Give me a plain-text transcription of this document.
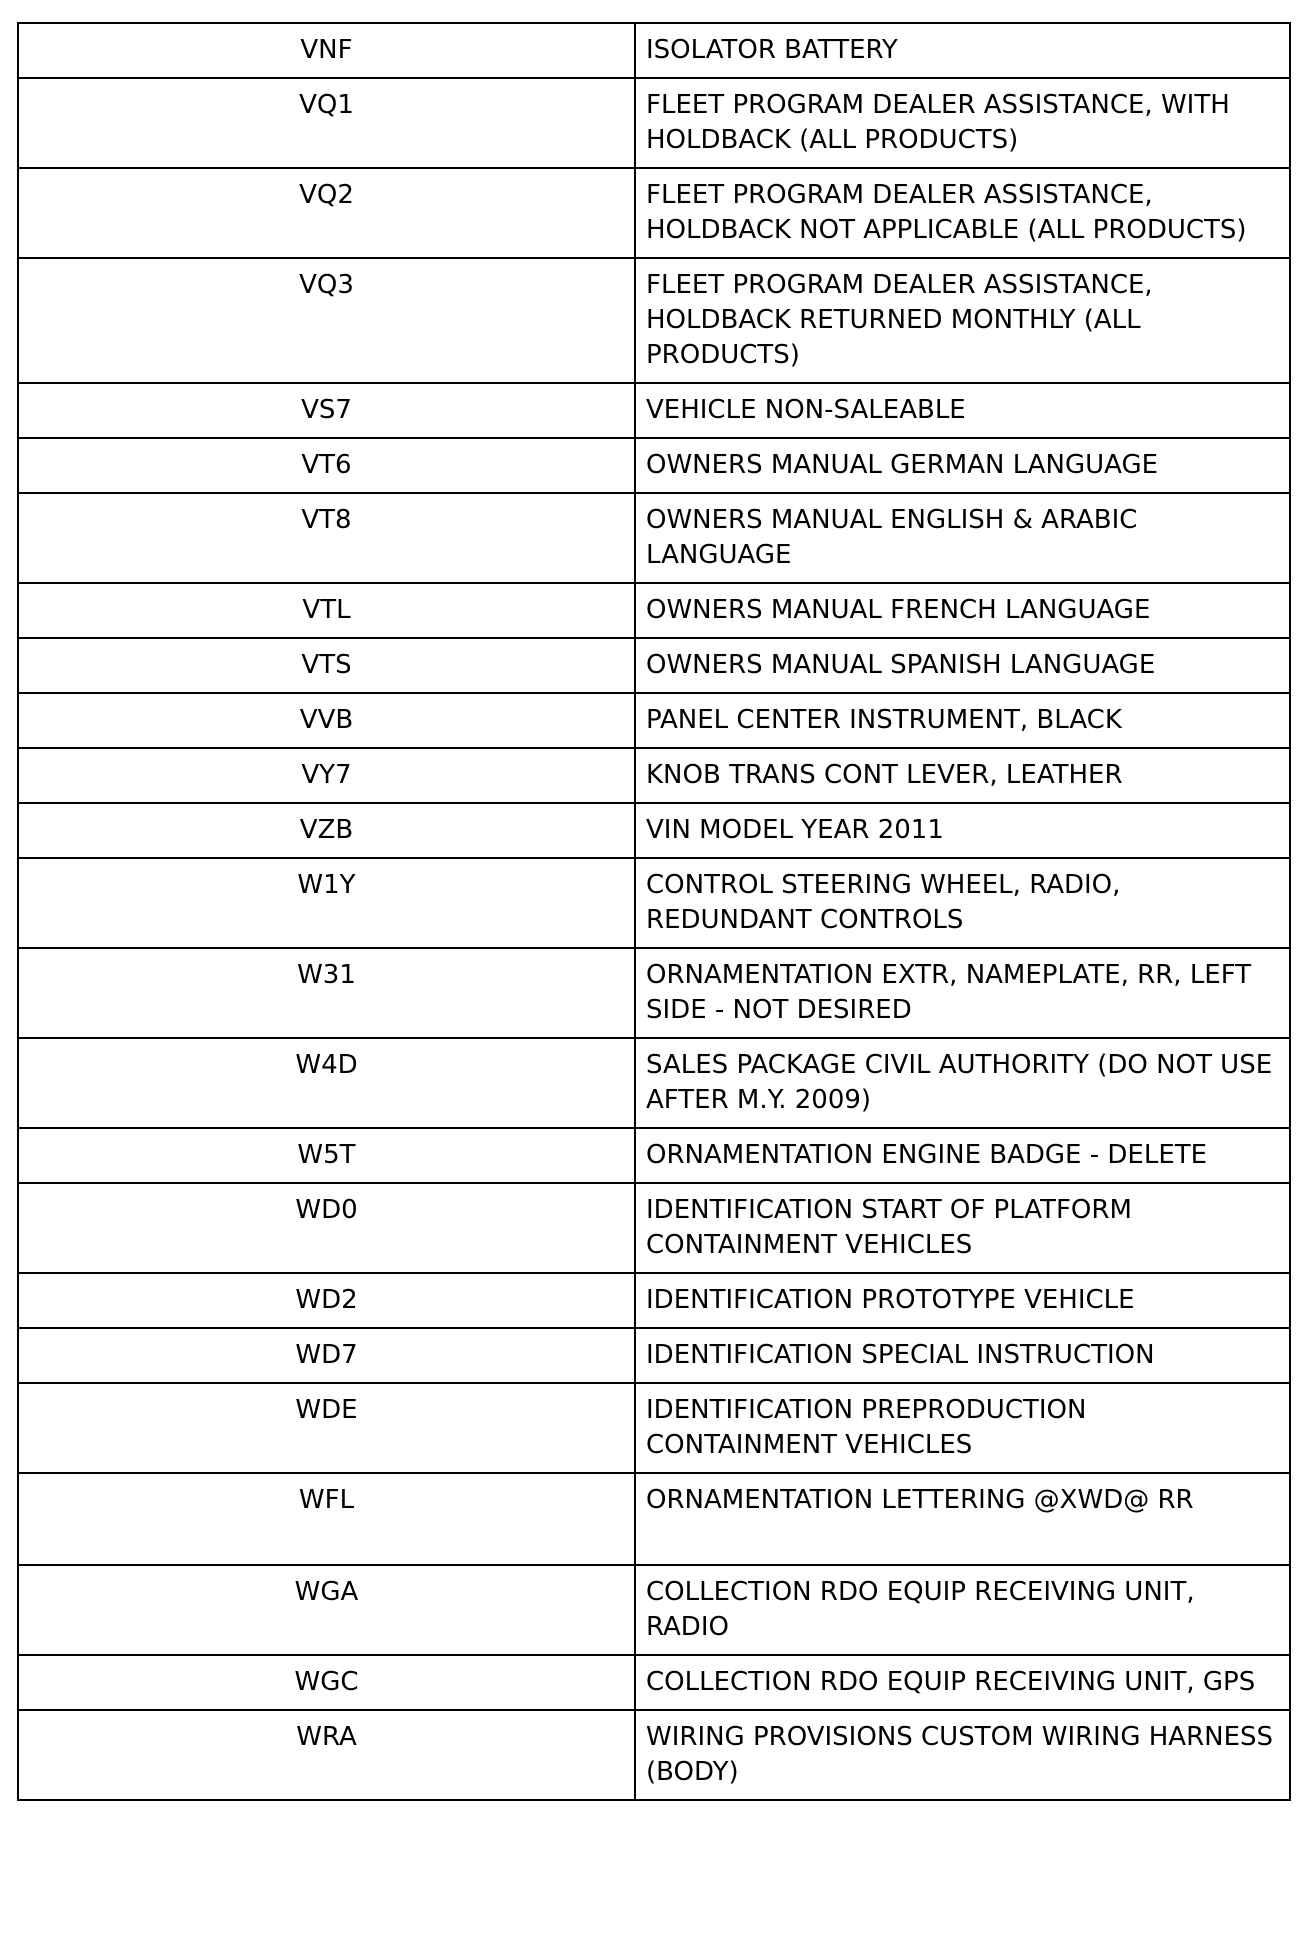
VNF	ISOLATOR BATTERY
VQ1	FLEET PROGRAM DEALER ASSISTANCE, WITH HOLDBACK (ALL PRODUCTS)
VQ2	FLEET PROGRAM DEALER ASSISTANCE, HOLDBACK NOT APPLICABLE (ALL PRODUCTS)
VQ3	FLEET PROGRAM DEALER ASSISTANCE, HOLDBACK RETURNED MONTHLY (ALL PRODUCTS)
VS7	VEHICLE NON-SALEABLE
VT6	OWNERS MANUAL GERMAN LANGUAGE
VT8	OWNERS MANUAL ENGLISH & ARABIC LANGUAGE
VTL	OWNERS MANUAL FRENCH LANGUAGE
VTS	OWNERS MANUAL SPANISH LANGUAGE
VVB	PANEL CENTER INSTRUMENT, BLACK
VY7	KNOB TRANS CONT LEVER, LEATHER
VZB	VIN MODEL YEAR 2011
W1Y	CONTROL STEERING WHEEL, RADIO, REDUNDANT CONTROLS
W31	ORNAMENTATION EXTR, NAMEPLATE, RR, LEFT SIDE - NOT DESIRED
W4D	SALES PACKAGE CIVIL AUTHORITY (DO NOT USE AFTER M.Y. 2009)
W5T	ORNAMENTATION ENGINE BADGE - DELETE
WD0	IDENTIFICATION START OF PLATFORM CONTAINMENT VEHICLES
WD2	IDENTIFICATION PROTOTYPE VEHICLE
WD7	IDENTIFICATION SPECIAL INSTRUCTION
WDE	IDENTIFICATION PREPRODUCTION CONTAINMENT VEHICLES
WFL	ORNAMENTATION LETTERING @XWD@ RR
WGA	COLLECTION RDO EQUIP RECEIVING UNIT, RADIO
WGC	COLLECTION RDO EQUIP RECEIVING UNIT, GPS
WRA	WIRING PROVISIONS CUSTOM WIRING HARNESS (BODY)
